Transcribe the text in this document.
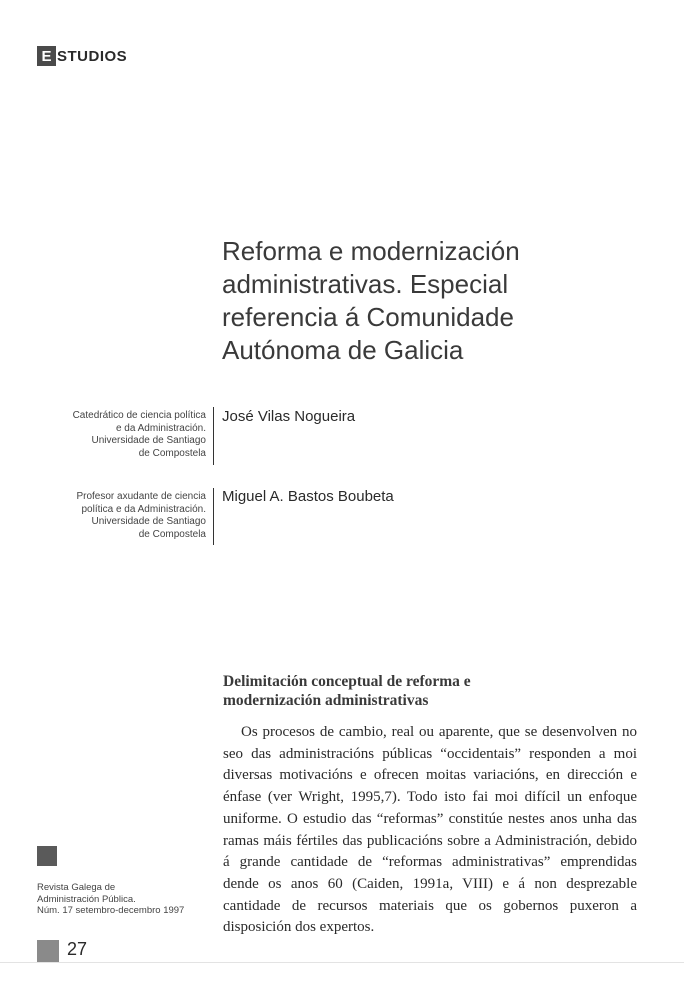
E STUDIOS
Reforma e modernización
administrativas. Especial
referencia á Comunidade
Autónoma de Galicia
Catedrático de ciencia política
e da Administración.
Universidade de Santiago
de Compostela
José Vilas Nogueira
Profesor axudante de ciencia
política e da Administración.
Universidade de Santiago
de Compostela
Miguel A. Bastos Boubeta
Delimitación conceptual de reforma e
modernización administrativas

Os procesos de cambio, real ou aparente, que se desenvolven no seo das administracións públicas “occidentais” responden a moi diversas motivacións e ofrecen moitas variacións, en dirección e énfase (ver Wright, 1995,7). Todo isto fai moi difícil un enfoque uniforme. O estudio das “reformas” constitúe nestes anos unha das ramas máis fértiles das publicacións sobre a Administración, debido á grande cantidade de “reformas administrativas” emprendidas dende os anos 60 (Caiden, 1991a, VIII) e á non desprezable cantidade de recursos materiais que os gobernos puxeron a disposición dos expertos.

Revista Galega de
Administración Pública.
Núm. 17 setembro-decembro 1997
27
